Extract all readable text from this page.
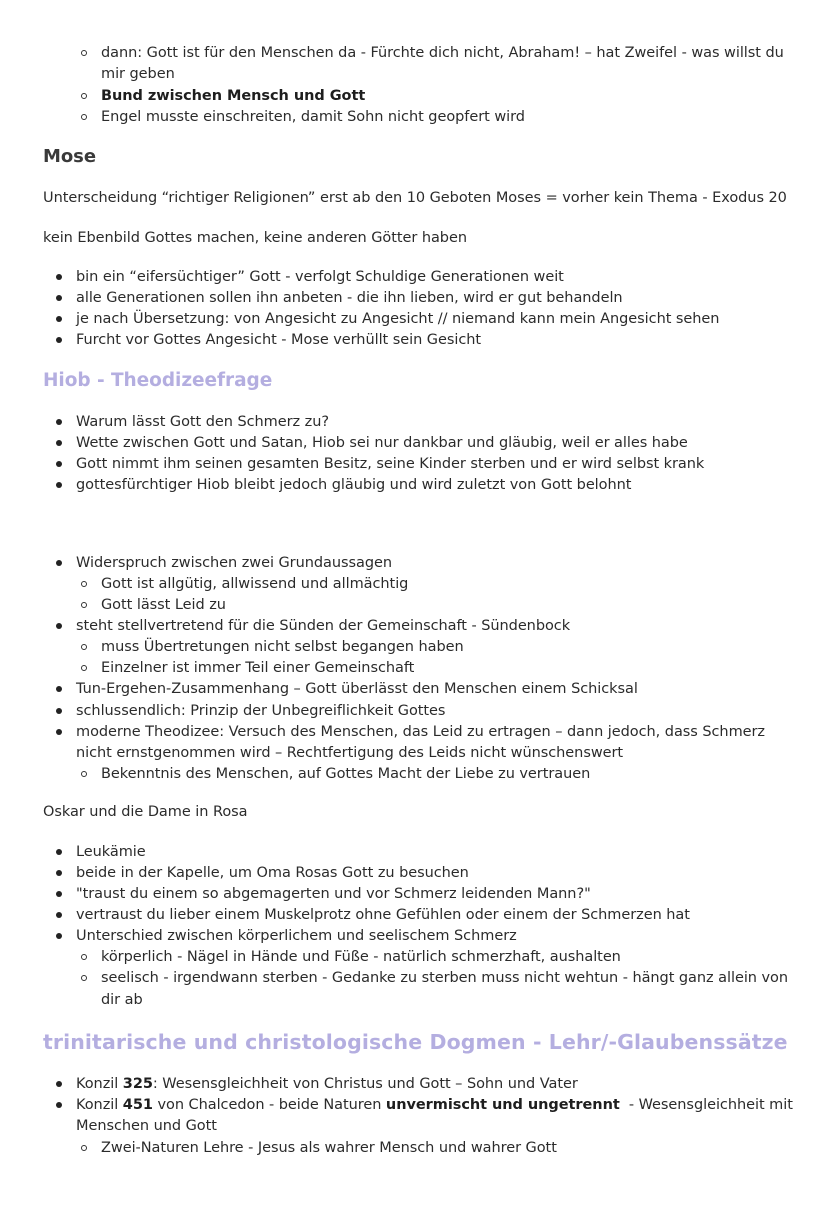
dann: Gott ist für den Menschen da - Fürchte dich nicht, Abraham! – hat Zweifel - was willst du
mir geben
Bund zwischen Mensch und Gott
Engel musste einschreiten, damit Sohn nicht geopfert wird
Mose
Unterscheidung “richtiger Religionen” erst ab den 10 Geboten Moses = vorher kein Thema - Exodus 20
kein Ebenbild Gottes machen, keine anderen Götter haben
bin ein “eifersüchtiger” Gott - verfolgt Schuldige Generationen weit
alle Generationen sollen ihn anbeten - die ihn lieben, wird er gut behandeln
je nach Übersetzung: von Angesicht zu Angesicht // niemand kann mein Angesicht sehen
Furcht vor Gottes Angesicht - Mose verhüllt sein Gesicht
Hiob - Theodizeefrage
Warum lässt Gott den Schmerz zu?
Wette zwischen Gott und Satan, Hiob sei nur dankbar und gläubig, weil er alles habe
Gott nimmt ihm seinen gesamten Besitz, seine Kinder sterben und er wird selbst krank
gottesfürchtiger Hiob bleibt jedoch gläubig und wird zuletzt von Gott belohnt
Widerspruch zwischen zwei Grundaussagen
Gott ist allgütig, allwissend und allmächtig
Gott lässt Leid zu
steht stellvertretend für die Sünden der Gemeinschaft - Sündenbock
muss Übertretungen nicht selbst begangen haben
Einzelner ist immer Teil einer Gemeinschaft
Tun-Ergehen-Zusammenhang – Gott überlässt den Menschen einem Schicksal
schlussendlich: Prinzip der Unbegreiflichkeit Gottes
moderne Theodizee: Versuch des Menschen, das Leid zu ertragen – dann jedoch, dass Schmerz
nicht ernstgenommen wird – Rechtfertigung des Leids nicht wünschenswert
Bekenntnis des Menschen, auf Gottes Macht der Liebe zu vertrauen
Oskar und die Dame in Rosa
Leukämie
beide in der Kapelle, um Oma Rosas Gott zu besuchen
"traust du einem so abgemagerten und vor Schmerz leidenden Mann?"
vertraust du lieber einem Muskelprotz ohne Gefühlen oder einem der Schmerzen hat
Unterschied zwischen körperlichem und seelischem Schmerz
körperlich - Nägel in Hände und Füße - natürlich schmerzhaft, aushalten
seelisch - irgendwann sterben - Gedanke zu sterben muss nicht wehtun - hängt ganz allein von
dir ab
trinitarische und christologische Dogmen - Lehr/-Glaubenssätze
Konzil 325: Wesensgleichheit von Christus und Gott – Sohn und Vater
Konzil 451 von Chalcedon - beide Naturen unvermischt und ungetrennt  - Wesensgleichheit mit
Menschen und Gott
Zwei-Naturen Lehre - Jesus als wahrer Mensch und wahrer Gott
